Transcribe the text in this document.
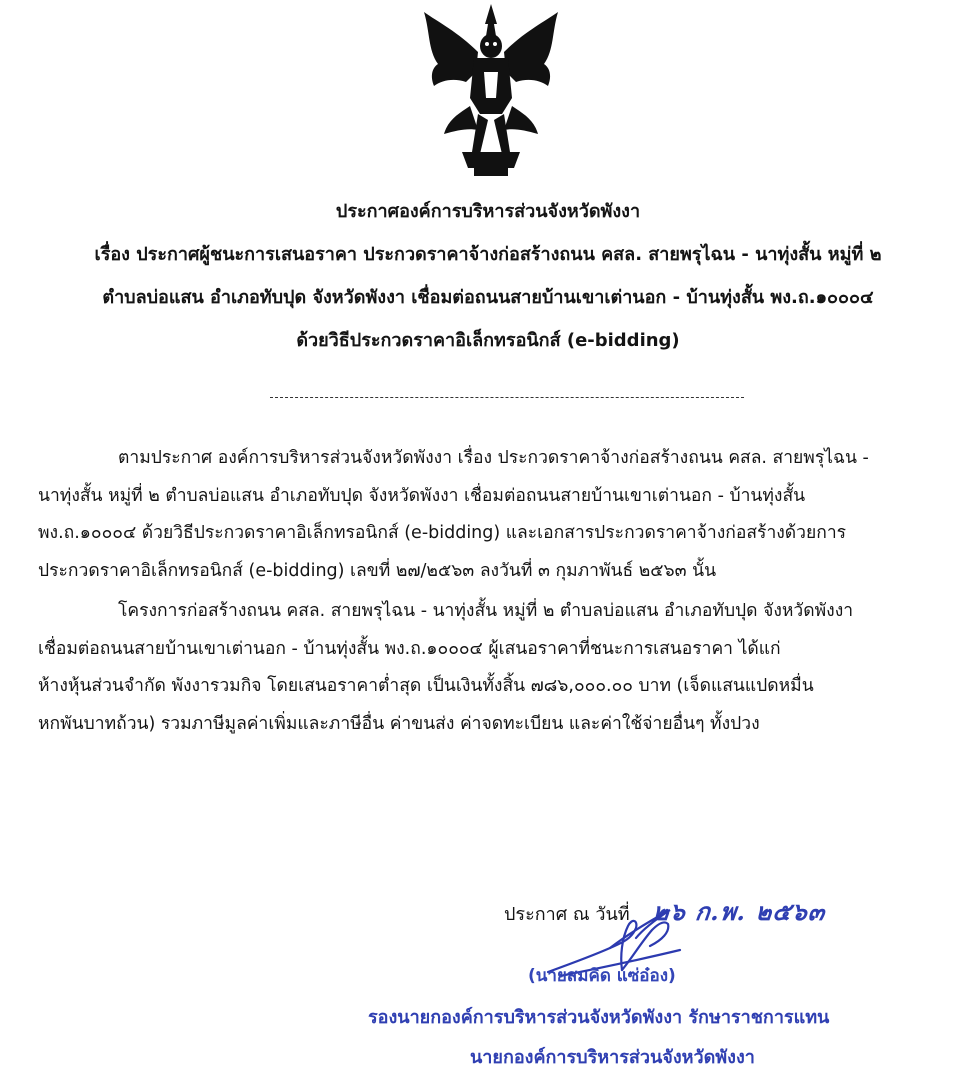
ประกาศองค์การบริหารส่วนจังหวัดพังงา
เรื่อง ประกาศผู้ชนะการเสนอราคา ประกวดราคาจ้างก่อสร้างถนน คสล. สายพรุไฉน - นาทุ่งสั้น หมู่ที่ ๒
ตำบลบ่อแสน อำเภอทับปุด จังหวัดพังงา เชื่อมต่อถนนสายบ้านเขาเต่านอก - บ้านทุ่งสั้น พง.ถ.๑๐๐๐๔
ด้วยวิธีประกวดราคาอิเล็กทรอนิกส์ (e-bidding)
ตามประกาศ องค์การบริหารส่วนจังหวัดพังงา เรื่อง ประกวดราคาจ้างก่อสร้างถนน คสล. สายพรุไฉน -
นาทุ่งสั้น หมู่ที่ ๒ ตำบลบ่อแสน อำเภอทับปุด จังหวัดพังงา เชื่อมต่อถนนสายบ้านเขาเต่านอก - บ้านทุ่งสั้น
พง.ถ.๑๐๐๐๔ ด้วยวิธีประกวดราคาอิเล็กทรอนิกส์ (e-bidding) และเอกสารประกวดราคาจ้างก่อสร้างด้วยการ
ประกวดราคาอิเล็กทรอนิกส์ (e-bidding) เลขที่ ๒๗/๒๕๖๓ ลงวันที่ ๓ กุมภาพันธ์ ๒๕๖๓ นั้น
โครงการก่อสร้างถนน คสล. สายพรุไฉน - นาทุ่งสั้น หมู่ที่ ๒ ตำบลบ่อแสน อำเภอทับปุด จังหวัดพังงา
เชื่อมต่อถนนสายบ้านเขาเต่านอก - บ้านทุ่งสั้น พง.ถ.๑๐๐๐๔ ผู้เสนอราคาที่ชนะการเสนอราคา ได้แก่
ห้างหุ้นส่วนจำกัด พังงารวมกิจ โดยเสนอราคาต่ำสุด เป็นเงินทั้งสิ้น ๗๘๖,๐๐๐.๐๐ บาท (เจ็ดแสนแปดหมื่น
หกพันบาทถ้วน) รวมภาษีมูลค่าเพิ่มและภาษีอื่น ค่าขนส่ง ค่าจดทะเบียน และค่าใช้จ่ายอื่นๆ ทั้งปวง
ประกาศ ณ วันที่ ๒๖ ก.พ. ๒๕๖๓
(นายสมคิด แซ่อ๋อง)
รองนายกองค์การบริหารส่วนจังหวัดพังงา รักษาราชการแทน
นายกองค์การบริหารส่วนจังหวัดพังงา
